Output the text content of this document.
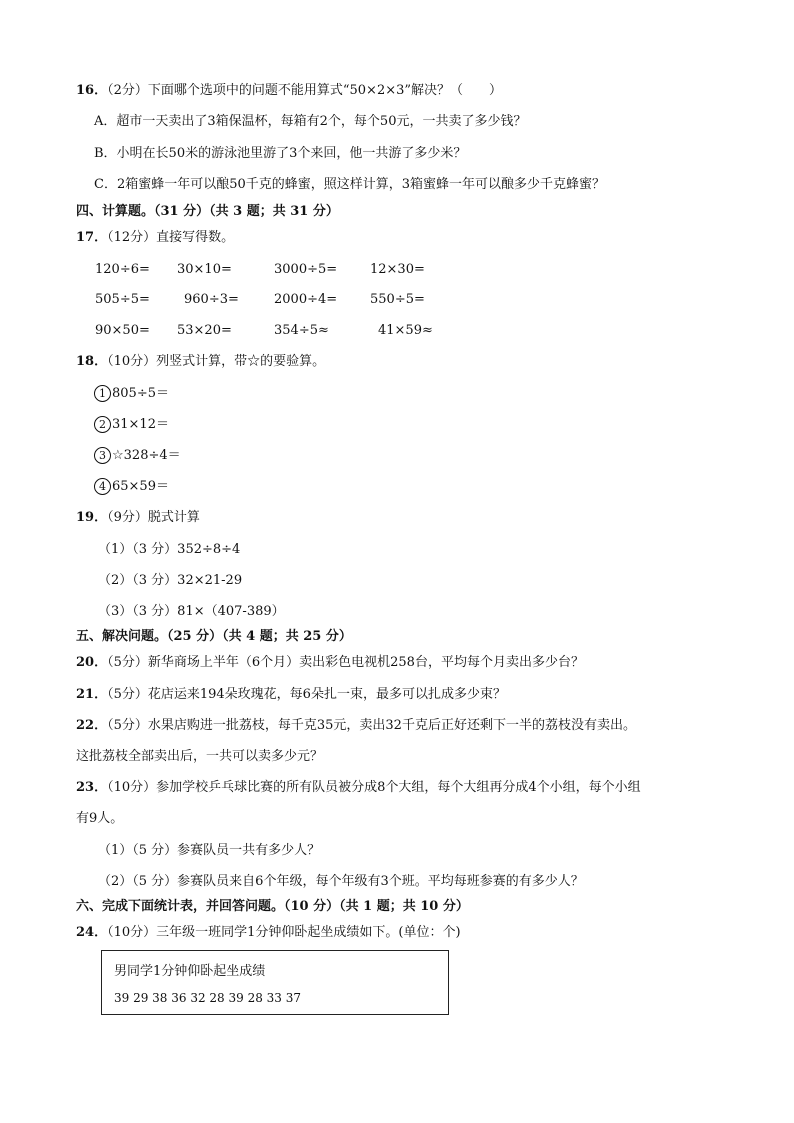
16．（2分）下面哪个选项中的问题不能用算式“50×2×3”解决？（　　）
A．超市一天卖出了3箱保温杯，每箱有2个，每个50元，一共卖了多少钱？
B．小明在长50米的游泳池里游了3个来回，他一共游了多少米？
C．2箱蜜蜂一年可以酿50千克的蜂蜜，照这样计算，3箱蜜蜂一年可以酿多少千克蜂蜜？
四、计算题。（31 分）（共 3 题；共 31 分）
17．（12分）直接写得数。
120÷6= 30×10=	3000÷5=	12×30=
505÷5=	960÷3=	2000÷4=	550÷5=
90×50= 53×20=	354÷5≈	41×59≈
18．（10分）列竖式计算，带☆的要验算。
1 805÷5＝
2 31×12＝
3 ☆328÷4＝
4 65×59＝
19．（9分）脱式计算
（1）（3 分）352÷8÷4
（2）（3 分）32×21-29
（3）（3 分）81×（407-389）
五、解决问题。（25 分）（共 4 题；共 25 分）
20．（5分）新华商场上半年（6个月）卖出彩色电视机258台，平均每个月卖出多少台？
21．（5分）花店运来194朵玫瑰花，每6朵扎一束，最多可以扎成多少束？
22．（5分）水果店购进一批荔枝，每千克35元，卖出32千克后正好还剩下一半的荔枝没有卖出。
这批荔枝全部卖出后，一共可以卖多少元？
23．（10分）参加学校乒乓球比赛的所有队员被分成8个大组，每个大组再分成4个小组，每个小组
有9人。
（1）（5 分）参赛队员一共有多少人？
（2）（5 分）参赛队员来自6个年级，每个年级有3个班。平均每班参赛的有多少人？
六、完成下面统计表，并回答问题。（10 分）（共 1 题；共 10 分）
24．（10分）三年级一班同学1分钟仰卧起坐成绩如下。(单位：个)
男同学1分钟仰卧起坐成绩
39 29 38 36 32 28 39 28 33 37
